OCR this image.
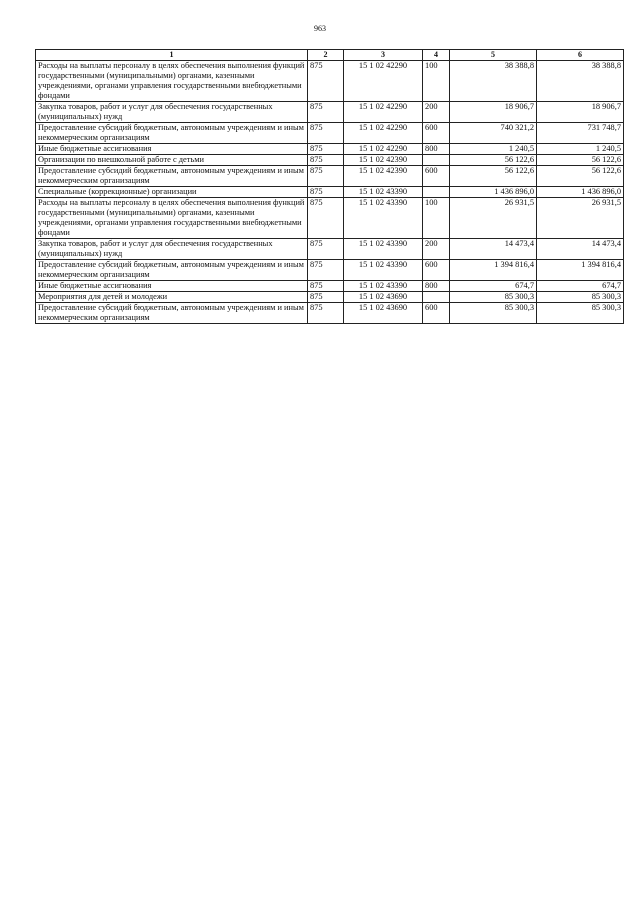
963
1	2	3	4	5	6
Расходы на выплаты персоналу в целях обеспечения выполнения функций государственными (муниципальными) органами, казенными учреждениями, органами управления государственными внебюджетными фондами	875	15 1 02 42290	100	38 388,8	38 388,8
Закупка товаров, работ и услуг для обеспечения государственных (муниципальных) нужд	875	15 1 02 42290	200	18 906,7	18 906,7
Предоставление субсидий бюджетным, автономным учреждениям и иным некоммерческим организациям	875	15 1 02 42290	600	740 321,2	731 748,7
Иные бюджетные ассигнования	875	15 1 02 42290	800	1 240,5	1 240,5
Организации по внешкольной работе с детьми	875	15 1 02 42390		56 122,6	56 122,6
Предоставление субсидий бюджетным, автономным учреждениям и иным некоммерческим организациям	875	15 1 02 42390	600	56 122,6	56 122,6
Специальные (коррекционные) организации	875	15 1 02 43390		1 436 896,0	1 436 896,0
Расходы на выплаты персоналу в целях обеспечения выполнения функций государственными (муниципальными) органами, казенными учреждениями, органами управления государственными внебюджетными фондами	875	15 1 02 43390	100	26 931,5	26 931,5
Закупка товаров, работ и услуг для обеспечения государственных (муниципальных) нужд	875	15 1 02 43390	200	14 473,4	14 473,4
Предоставление субсидий бюджетным, автономным учреждениям и иным некоммерческим организациям	875	15 1 02 43390	600	1 394 816,4	1 394 816,4
Иные бюджетные ассигнования	875	15 1 02 43390	800	674,7	674,7
Мероприятия для детей и молодежи	875	15 1 02 43690		85 300,3	85 300,3
Предоставление субсидий бюджетным, автономным учреждениям и иным некоммерческим организациям	875	15 1 02 43690	600	85 300,3	85 300,3
